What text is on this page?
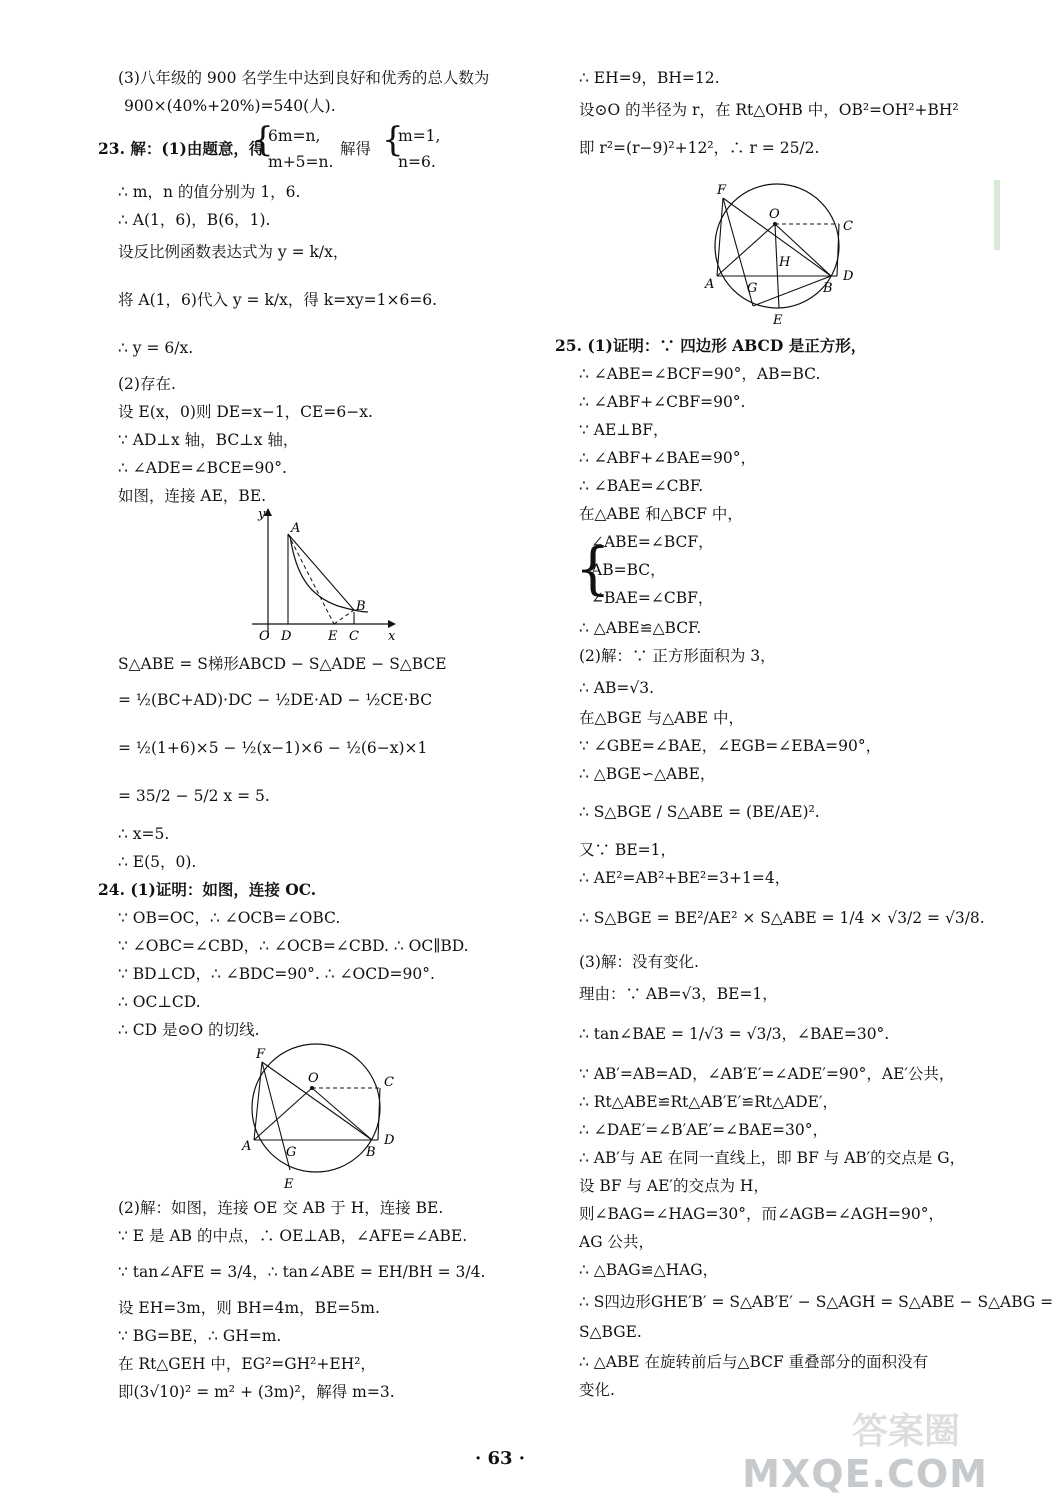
(3)八年级的 900 名学生中达到良好和优秀的总人数为
900×(40%+20%)=540(人).
23. 解：(1)由题意，得
{
6m=n,
m+5=n.
解得 {
m=1,
n=6.
∴ m，n 的值分别为 1，6.
∴ A(1，6)，B(6，1).
设反比例函数表达式为 y = k/x，
将 A(1，6)代入 y = k/x，得 k=xy=1×6=6.
∴ y = 6/x.
(2)存在.
设 E(x，0)则 DE=x−1，CE=6−x.
∵ AD⊥x 轴，BC⊥x 轴，
∴ ∠ADE=∠BCE=90°.
如图，连接 AE，BE.
y
x
A
B
O D	E C
S△ABE = S梯形ABCD − S△ADE − S△BCE
= ½(BC+AD)·DC − ½DE·AD − ½CE·BC
= ½(1+6)×5 − ½(x−1)×6 − ½(6−x)×1
= 35/2 − 5/2 x = 5.
∴ x=5.
∴ E(5，0).
24. (1)证明：如图，连接 OC.
∵ OB=OC，∴ ∠OCB=∠OBC.
∵ ∠OBC=∠CBD，∴ ∠OCB=∠CBD. ∴ OC∥BD.
∵ BD⊥CD，∴ ∠BDC=90°. ∴ ∠OCD=90°.
∴ OC⊥CD.
∴ CD 是⊙O 的切线.
F
O	C
A	G	B
D
E
(2)解：如图，连接 OE 交 AB 于 H，连接 BE.
∵ E 是 AB 的中点，∴ OE⊥AB，∠AFE=∠ABE.
∵ tan∠AFE = 3/4，∴ tan∠ABE = EH/BH = 3/4.
设 EH=3m，则 BH=4m，BE=5m.
∵ BG=BE，∴ GH=m.
在 Rt△GEH 中，EG²=GH²+EH²，
即(3√10)² = m² + (3m)²，解得 m=3.
∴ EH=9，BH=12.
设⊙O 的半径为 r，在 Rt△OHB 中，OB²=OH²+BH²
即 r²=(r−9)²+12²，∴ r = 25/2.
F
O
C
H
A	G	B
D
E
25. (1)证明：∵ 四边形 ABCD 是正方形，
∴ ∠ABE=∠BCF=90°，AB=BC.
∴ ∠ABF+∠CBF=90°.
∵ AE⊥BF，
∴ ∠ABF+∠BAE=90°，
∴ ∠BAE=∠CBF.
在△ABE 和△BCF 中，
{
∠ABE=∠BCF，
AB=BC，
∠BAE=∠CBF，
∴ △ABE≌△BCF.
(2)解：∵ 正方形面积为 3，
∴ AB=√3.
在△BGE 与△ABE 中，
∵ ∠GBE=∠BAE，∠EGB=∠EBA=90°，
∴ △BGE∽△ABE，
∴ S△BGE / S△ABE = (BE/AE)².
又∵ BE=1，
∴ AE²=AB²+BE²=3+1=4，
∴ S△BGE = BE²/AE² × S△ABE = 1/4 × √3/2 = √3/8.
(3)解：没有变化.
理由：∵ AB=√3，BE=1，
∴ tan∠BAE = 1/√3 = √3/3，∠BAE=30°.
∵ AB′=AB=AD，∠AB′E′=∠ADE′=90°，AE′公共，
∴ Rt△ABE≌Rt△AB′E′≌Rt△ADE′，
∴ ∠DAE′=∠B′AE′=∠BAE=30°，
∴ AB′与 AE 在同一直线上，即 BF 与 AB′的交点是 G，
设 BF 与 AE′的交点为 H，
则∠BAG=∠HAG=30°，而∠AGB=∠AGH=90°，
AG 公共，
∴ △BAG≌△HAG，
∴ S四边形GHE′B′ = S△AB′E′ − S△AGH = S△ABE − S△ABG =
S△BGE.
∴ △ABE 在旋转前后与△BCF 重叠部分的面积没有
变化.
· 63 ·
答案圈
MXQE.COM
